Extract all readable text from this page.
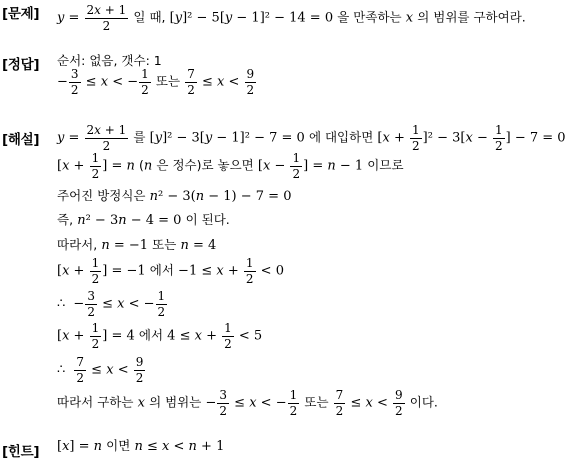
[문제] $y = \frac{2x + 1}{2}$ 일 때, [y]² − 5[y − 1]² − 14 = 0 을 만족하는 x 의 범위를 구하여라.
[정답] 순서: 없음, 갯수: 1
− $\frac{3}{2} \le x$ < − $\frac{1}{2}$ 또는 $\frac{7}{2} \le x < \frac{9}{2}$
[해설] $y = \frac{2x + 1}{2}$ 를 [y]² − 3[y − 1]² − 7 = 0 에 대입하면 $[x + \frac{1}{2} ]^2 - 3[x - \frac{1}{2}$ ] − 7 = 0
[$x + \frac{1}{2}$ ] = n (n 은 정수)로 놓으면 [$x - \frac{1}{2}$ ] = n − 1 이므로
주어진 방정식은 n² − 3(n − 1) − 7 = 0
즉, n² − 3n − 4 = 0 이 된다.
따라서, n = −1 또는 n = 4
[$x + \frac{1}{2}$ ] = −1 에서 $-1 \le x + \frac{1}{2} < 0$
∴ − $\frac{3}{2} \le x$ < − $\frac{1}{2}$
[$x + \frac{1}{2}$ ] = 4 에서 $4 \le x + \frac{1}{2} < 5$
∴ $\frac{7}{2} \le x < \frac{9}{2}$
따라서 구하는 x 의 범위는 − $\frac{3}{2} \le x$ < − $\frac{1}{2}$ 또는 $\frac{7}{2} \le x < \frac{9}{2}$ 이다.
[힌트] [x] = n 이면 n ≤ x < n + 1
